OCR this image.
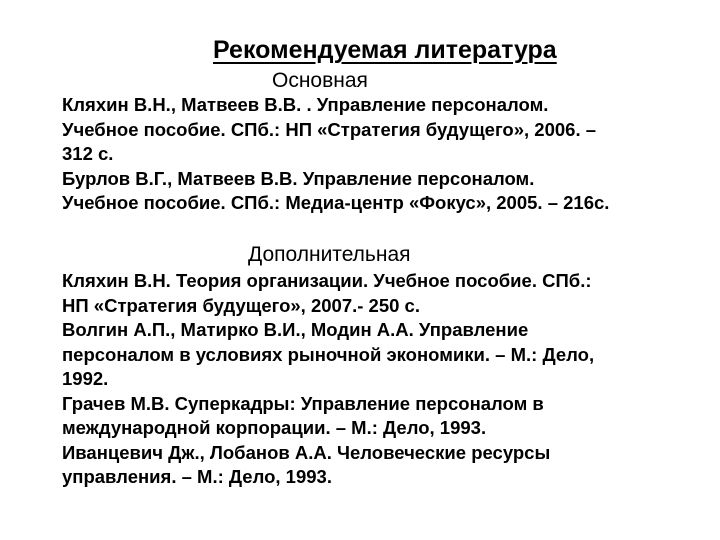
Рекомендуемая литература
Основная
Кляхин В.Н., Матвеев В.В. . Управление персоналом.
Учебное пособие. СПб.: НП «Стратегия будущего», 2006. –
312 с.
Бурлов В.Г., Матвеев В.В. Управление персоналом.
Учебное пособие. СПб.: Медиа-центр «Фокус», 2005. – 216с.
Дополнительная
Кляхин В.Н. Теория организации. Учебное пособие. СПб.:
НП «Стратегия будущего», 2007.- 250 с.
Волгин А.П., Матирко В.И., Модин А.А. Управление
персоналом в условиях рыночной экономики. – М.: Дело,
1992.
Грачев М.В. Суперкадры: Управление персоналом в
международной корпорации. – М.: Дело, 1993.
Иванцевич Дж., Лобанов А.А. Человеческие ресурсы
управления. – М.: Дело, 1993.
